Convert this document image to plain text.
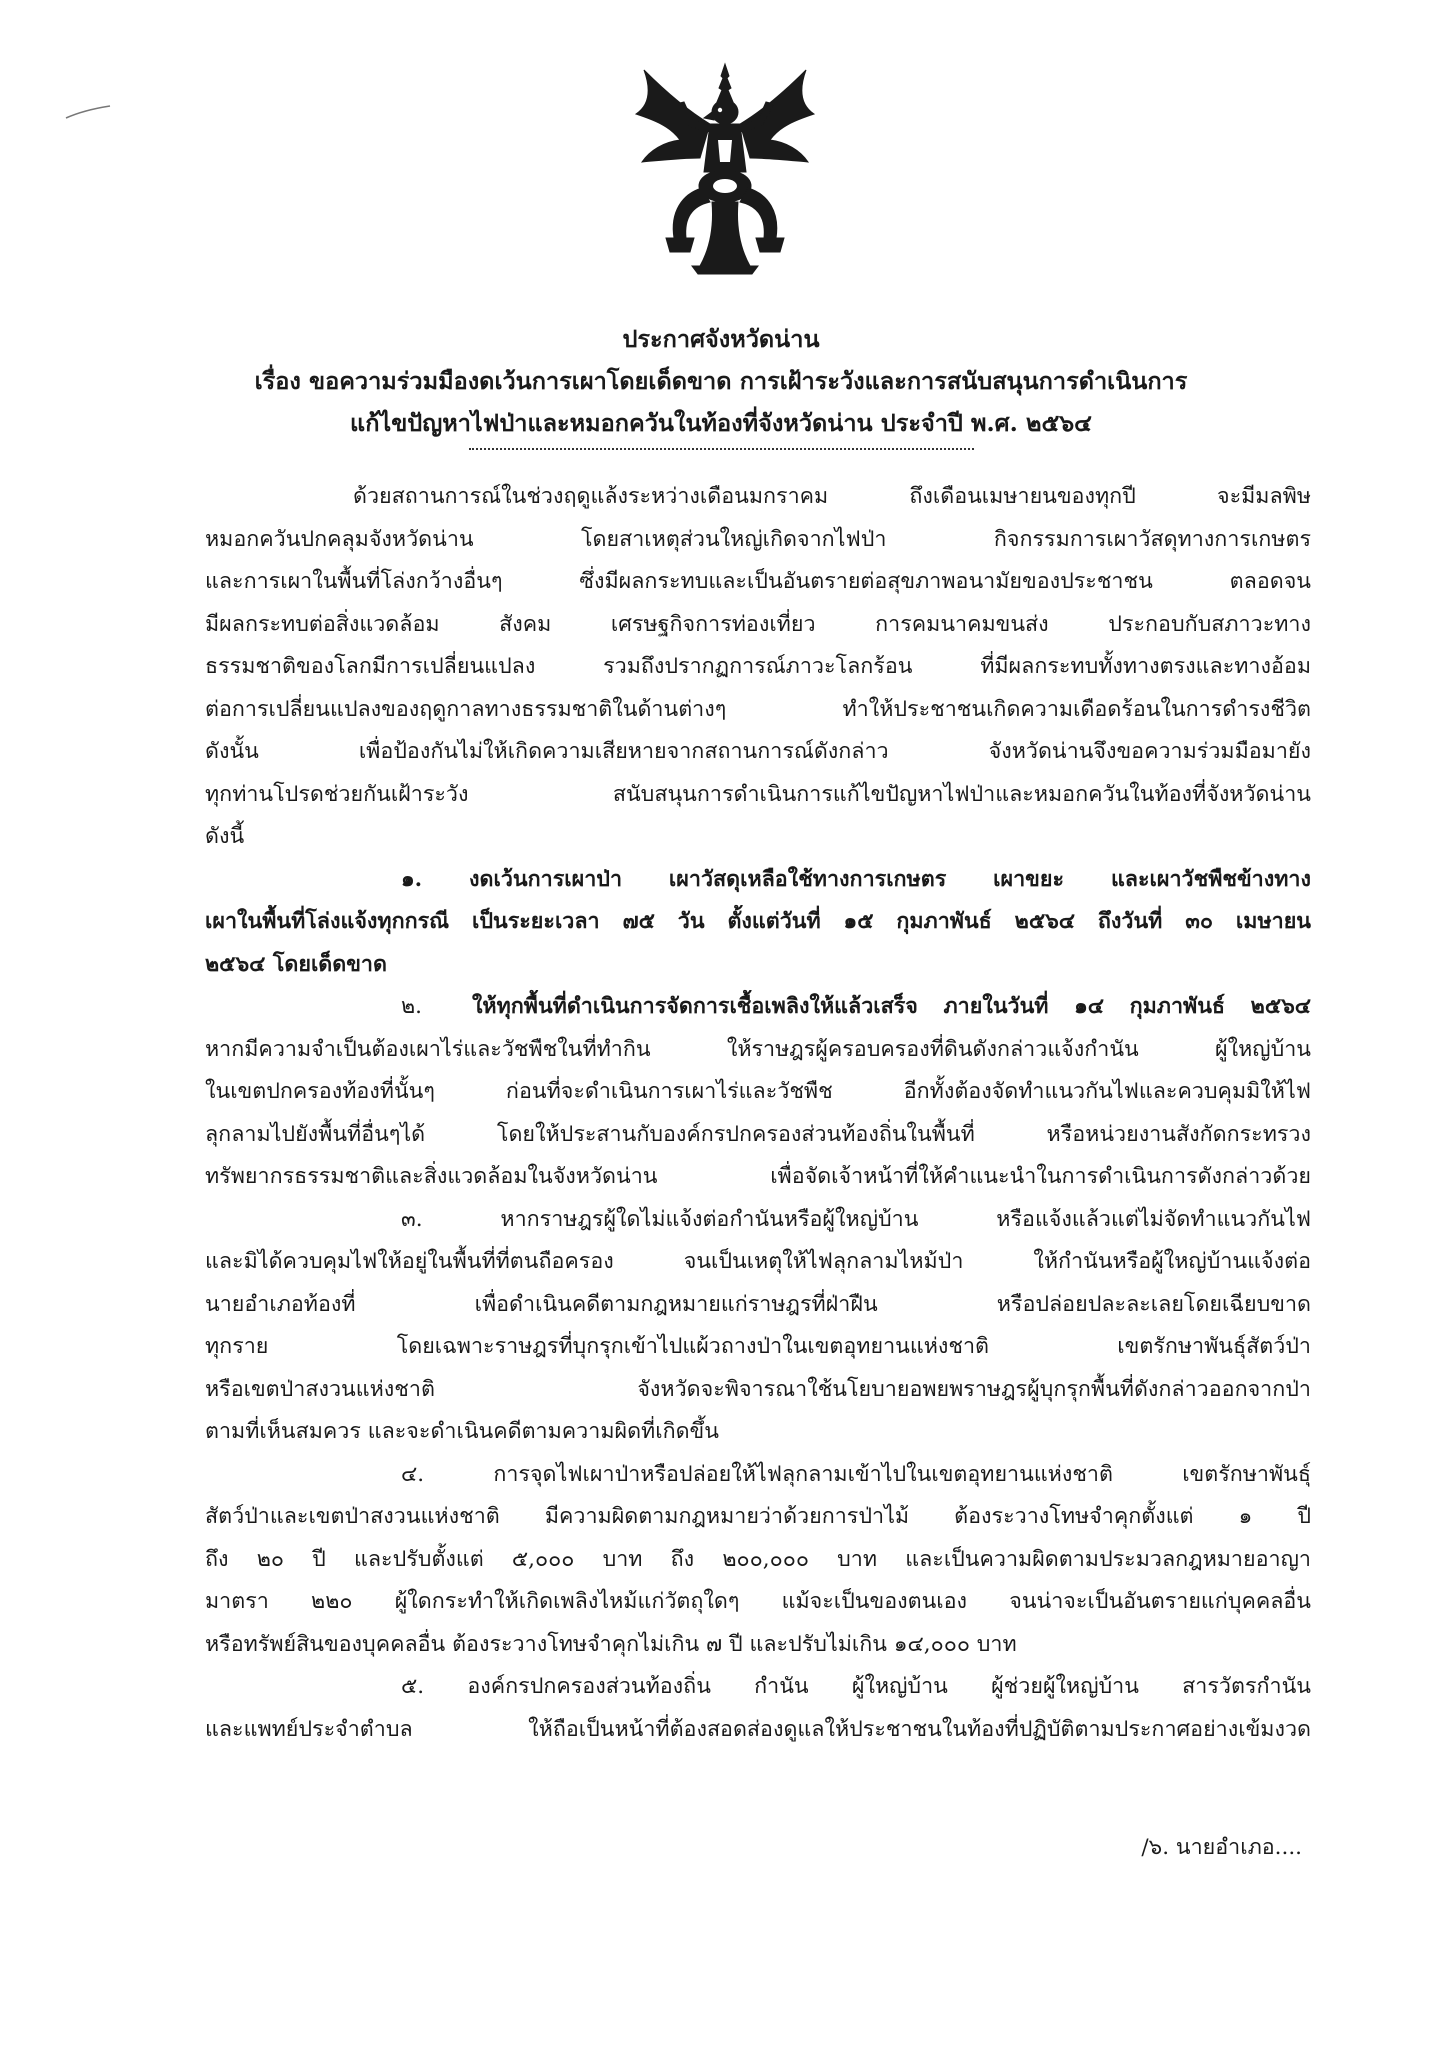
ประกาศจังหวัดน่าน
เรื่อง ขอความร่วมมืองดเว้นการเผาโดยเด็ดขาด การเฝ้าระวังและการสนับสนุนการดำเนินการ
แก้ไขปัญหาไฟป่าและหมอกควันในท้องที่จังหวัดน่าน ประจำปี พ.ศ. ๒๕๖๔
ด้วยสถานการณ์ในช่วงฤดูแล้งระหว่างเดือนมกราคม ถึงเดือนเมษายนของทุกปี จะมีมลพิษ
หมอกควันปกคลุมจังหวัดน่าน โดยสาเหตุส่วนใหญ่เกิดจากไฟป่า กิจกรรมการเผาวัสดุทางการเกษตร
และการเผาในพื้นที่โล่งกว้างอื่นๆ ซึ่งมีผลกระทบและเป็นอันตรายต่อสุขภาพอนามัยของประชาชน ตลอดจน
มีผลกระทบต่อสิ่งแวดล้อม สังคม เศรษฐกิจการท่องเที่ยว การคมนาคมขนส่ง ประกอบกับสภาวะทาง
ธรรมชาติของโลกมีการเปลี่ยนแปลง รวมถึงปรากฏการณ์ภาวะโลกร้อน ที่มีผลกระทบทั้งทางตรงและทางอ้อม
ต่อการเปลี่ยนแปลงของฤดูกาลทางธรรมชาติในด้านต่างๆ ทำให้ประชาชนเกิดความเดือดร้อนในการดำรงชีวิต
ดังนั้น เพื่อป้องกันไม่ให้เกิดความเสียหายจากสถานการณ์ดังกล่าว จังหวัดน่านจึงขอความร่วมมือมายัง
ทุกท่านโปรดช่วยกันเฝ้าระวัง สนับสนุนการดำเนินการแก้ไขปัญหาไฟป่าและหมอกควันในท้องที่จังหวัดน่าน
ดังนี้
๑. งดเว้นการเผาป่า เผาวัสดุเหลือใช้ทางการเกษตร เผาขยะ และเผาวัชพืชข้างทาง
เผาในพื้นที่โล่งแจ้งทุกกรณี เป็นระยะเวลา ๗๕ วัน ตั้งแต่วันที่ ๑๕ กุมภาพันธ์ ๒๕๖๔ ถึงวันที่ ๓๐ เมษายน
๒๕๖๔ โดยเด็ดขาด
๒. ให้ทุกพื้นที่ดำเนินการจัดการเชื้อเพลิงให้แล้วเสร็จ ภายในวันที่ ๑๔ กุมภาพันธ์ ๒๕๖๔
หากมีความจำเป็นต้องเผาไร่และวัชพืชในที่ทำกิน ให้ราษฎรผู้ครอบครองที่ดินดังกล่าวแจ้งกำนัน ผู้ใหญ่บ้าน
ในเขตปกครองท้องที่นั้นๆ ก่อนที่จะดำเนินการเผาไร่และวัชพืช อีกทั้งต้องจัดทำแนวกันไฟและควบคุมมิให้ไฟ
ลุกลามไปยังพื้นที่อื่นๆได้ โดยให้ประสานกับองค์กรปกครองส่วนท้องถิ่นในพื้นที่ หรือหน่วยงานสังกัดกระทรวง
ทรัพยากรธรรมชาติและสิ่งแวดล้อมในจังหวัดน่าน เพื่อจัดเจ้าหน้าที่ให้คำแนะนำในการดำเนินการดังกล่าวด้วย
๓. หากราษฎรผู้ใดไม่แจ้งต่อกำนันหรือผู้ใหญ่บ้าน หรือแจ้งแล้วแต่ไม่จัดทำแนวกันไฟ
และมิได้ควบคุมไฟให้อยู่ในพื้นที่ที่ตนถือครอง จนเป็นเหตุให้ไฟลุกลามไหม้ป่า ให้กำนันหรือผู้ใหญ่บ้านแจ้งต่อ
นายอำเภอท้องที่ เพื่อดำเนินคดีตามกฎหมายแก่ราษฎรที่ฝ่าฝืน หรือปล่อยปละละเลยโดยเฉียบขาด
ทุกราย โดยเฉพาะราษฎรที่บุกรุกเข้าไปแผ้วถางป่าในเขตอุทยานแห่งชาติ เขตรักษาพันธุ์สัตว์ป่า
หรือเขตป่าสงวนแห่งชาติ จังหวัดจะพิจารณาใช้นโยบายอพยพราษฎรผู้บุกรุกพื้นที่ดังกล่าวออกจากป่า
ตามที่เห็นสมควร และจะดำเนินคดีตามความผิดที่เกิดขึ้น
๔. การจุดไฟเผาป่าหรือปล่อยให้ไฟลุกลามเข้าไปในเขตอุทยานแห่งชาติ เขตรักษาพันธุ์
สัตว์ป่าและเขตป่าสงวนแห่งชาติ มีความผิดตามกฎหมายว่าด้วยการป่าไม้ ต้องระวางโทษจำคุกตั้งแต่ ๑ ปี
ถึง ๒๐ ปี และปรับตั้งแต่ ๕,๐๐๐ บาท ถึง ๒๐๐,๐๐๐ บาท และเป็นความผิดตามประมวลกฎหมายอาญา
มาตรา ๒๒๐ ผู้ใดกระทำให้เกิดเพลิงไหม้แก่วัตถุใดๆ แม้จะเป็นของตนเอง จนน่าจะเป็นอันตรายแก่บุคคลอื่น
หรือทรัพย์สินของบุคคลอื่น ต้องระวางโทษจำคุกไม่เกิน ๗ ปี และปรับไม่เกิน ๑๔,๐๐๐ บาท
๕. องค์กรปกครองส่วนท้องถิ่น กำนัน ผู้ใหญ่บ้าน ผู้ช่วยผู้ใหญ่บ้าน สารวัตรกำนัน
และแพทย์ประจำตำบล ให้ถือเป็นหน้าที่ต้องสอดส่องดูแลให้ประชาชนในท้องที่ปฏิบัติตามประกาศอย่างเข้มงวด
/๖. นายอำเภอ....
